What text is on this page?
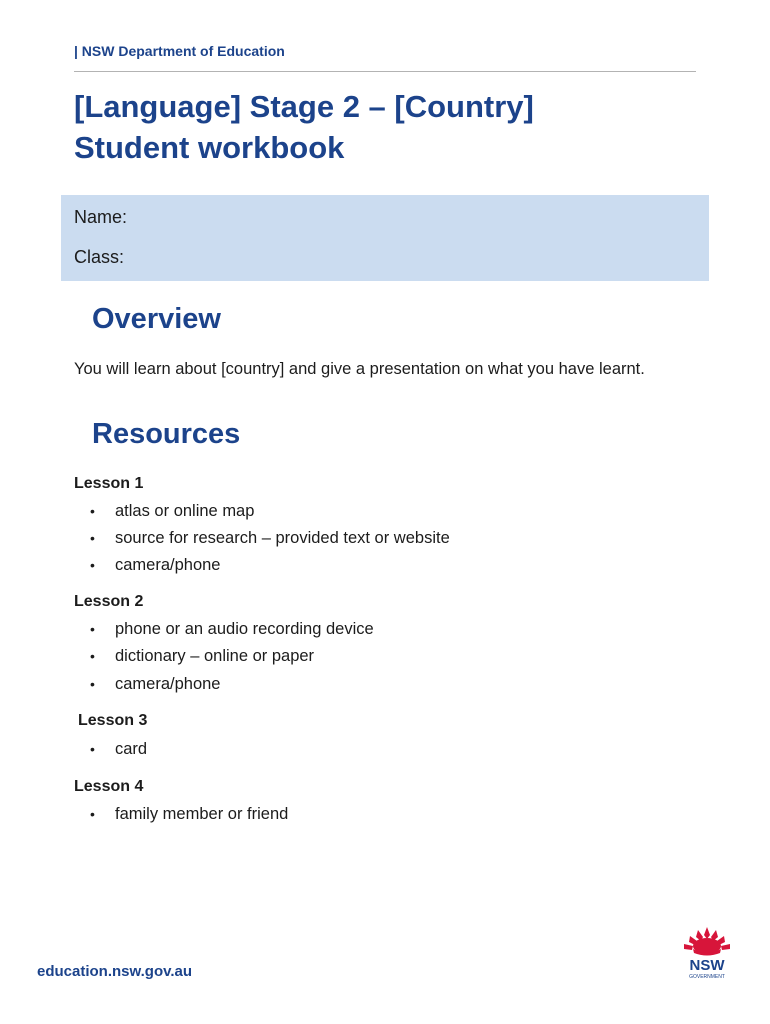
| NSW Department of Education
[Language] Stage 2 – [Country]
Student workbook
Name:
Class:
Overview
You will learn about [country] and give a presentation on what you have learnt.
Resources
Lesson 1
• atlas or online map
• source for research – provided text or website
• camera/phone
Lesson 2
• phone or an audio recording device
• dictionary – online or paper
• camera/phone
Lesson 3
• card
Lesson 4
• family member or friend
education.nsw.gov.au	NSW
GOVERNMENT
